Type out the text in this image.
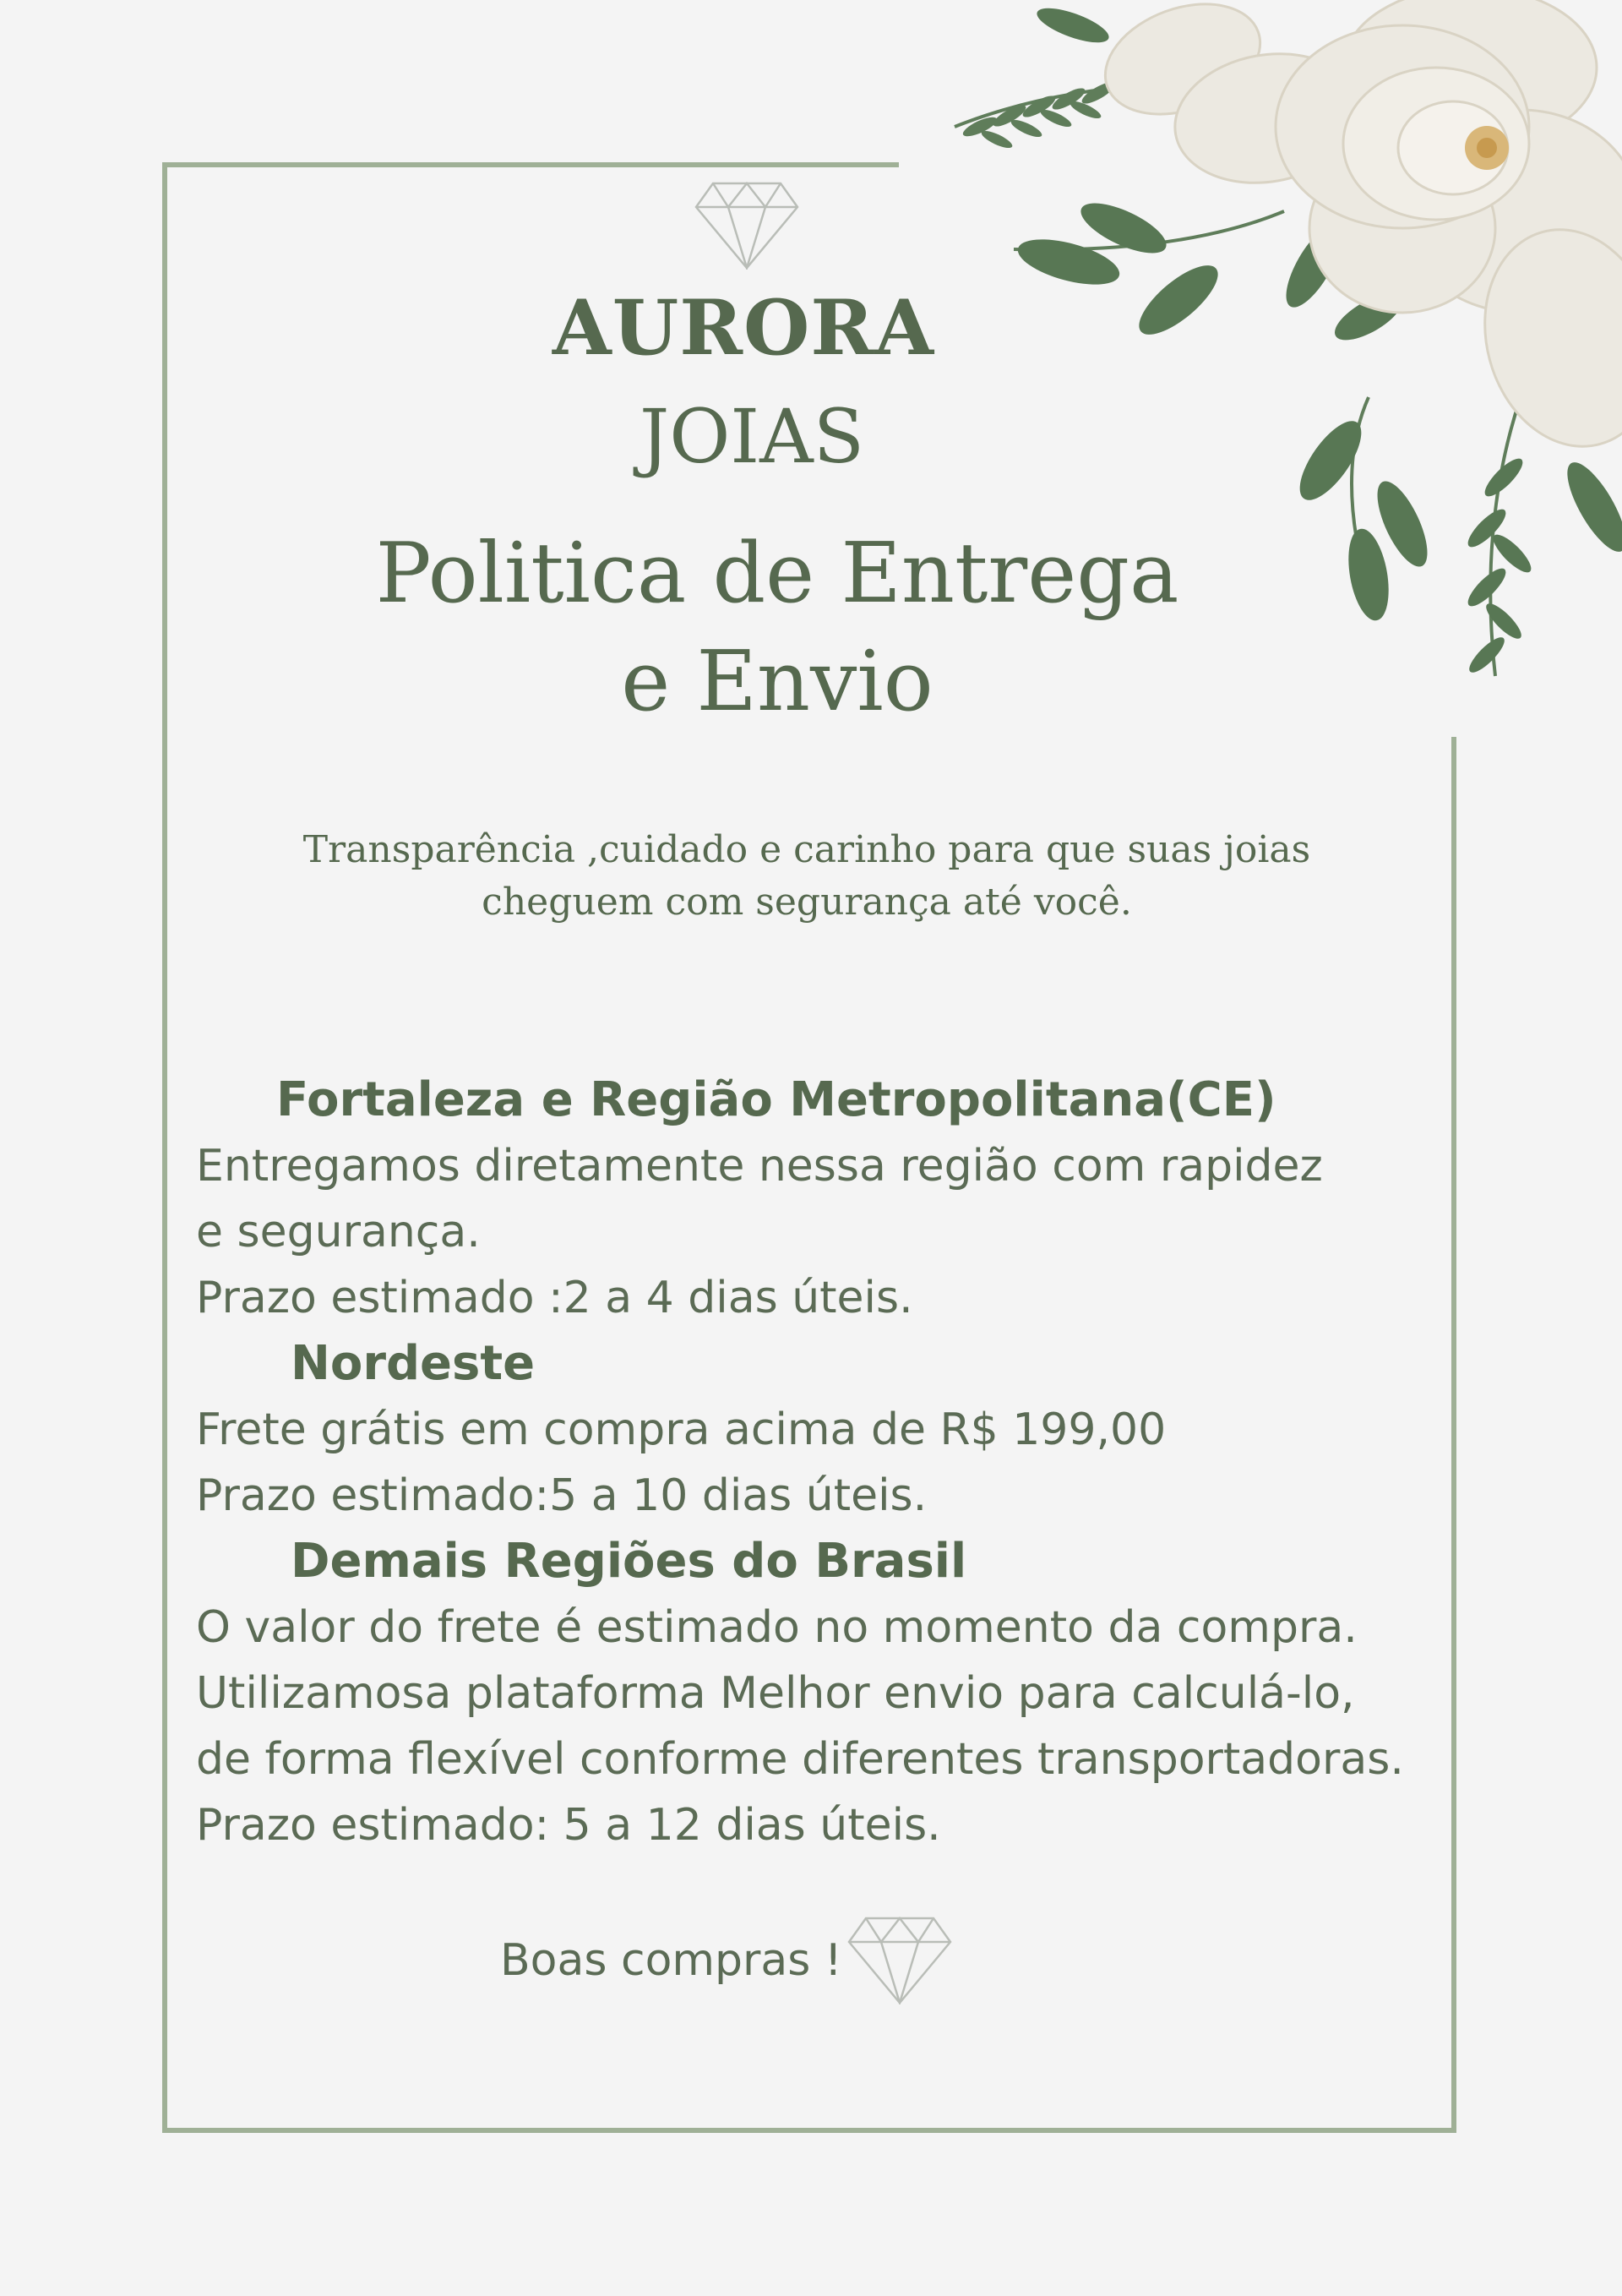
AURORA
JOIAS
Politica de Entrega
e Envio
Transparência ,cuidado e carinho para que suas joias
cheguem com segurança até você.

Fortaleza e Região Metropolitana(CE)

Entregamos diretamente nessa região com rapidez

e segurança.

Prazo estimado :2 a 4 dias úteis.

Nordeste

Frete grátis em compra acima de R$ 199,00

Prazo estimado:5 a 10 dias úteis.

Demais Regiões do Brasil

O valor do frete é estimado no momento da compra.

Utilizamosa plataforma Melhor envio para calculá-lo,

de forma flexível conforme diferentes transportadoras.

Prazo estimado: 5 a 12 dias úteis.

Boas compras !
